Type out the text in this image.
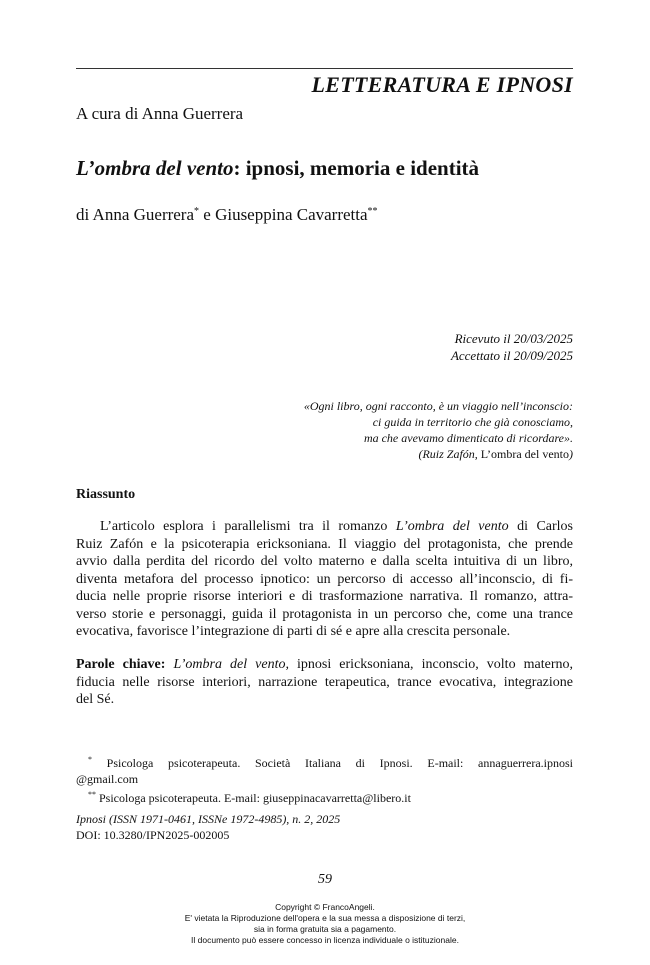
LETTERATURA E IPNOSI
A cura di Anna Guerrera
L’ombra del vento: ipnosi, memoria e identità
di Anna Guerrera* e Giuseppina Cavarretta**
Ricevuto il 20/03/2025
Accettato il 20/09/2025
«Ogni libro, ogni racconto, è un viaggio nell’inconscio:
ci guida in territorio che già conosciamo,
ma che avevamo dimenticato di ricordare».
(Ruiz Zafón, L’ombra del vento)
Riassunto
L’articolo esplora i parallelismi tra il romanzo L’ombra del vento di Carlos
Ruiz Zafón e la psicoterapia ericksoniana. Il viaggio del protagonista, che prende
avvio dalla perdita del ricordo del volto materno e dalla scelta intuitiva di un libro,
diventa metafora del processo ipnotico: un percorso di accesso all’inconscio, di fi-
ducia nelle proprie risorse interiori e di trasformazione narrativa. Il romanzo, attra-
verso storie e personaggi, guida il protagonista in un percorso che, come una trance
evocativa, favorisce l’integrazione di parti di sé e apre alla crescita personale.
Parole chiave: L’ombra del vento, ipnosi ericksoniana, inconscio, volto materno,
fiducia nelle risorse interiori, narrazione terapeutica, trance evocativa, integrazione
del Sé.
* Psicologa psicoterapeuta. Società Italiana di Ipnosi. E-mail: annaguerrera.ipnosi
@gmail.com
** Psicologa psicoterapeuta. E-mail: giuseppinacavarretta@libero.it
Ipnosi (ISSN 1971-0461, ISSNe 1972-4985), n. 2, 2025
DOI: 10.3280/IPN2025-002005
59
Copyright © FrancoAngeli.
E' vietata la Riproduzione dell'opera e la sua messa a disposizione di terzi,
sia in forma gratuita sia a pagamento.
Il documento può essere concesso in licenza individuale o istituzionale.
